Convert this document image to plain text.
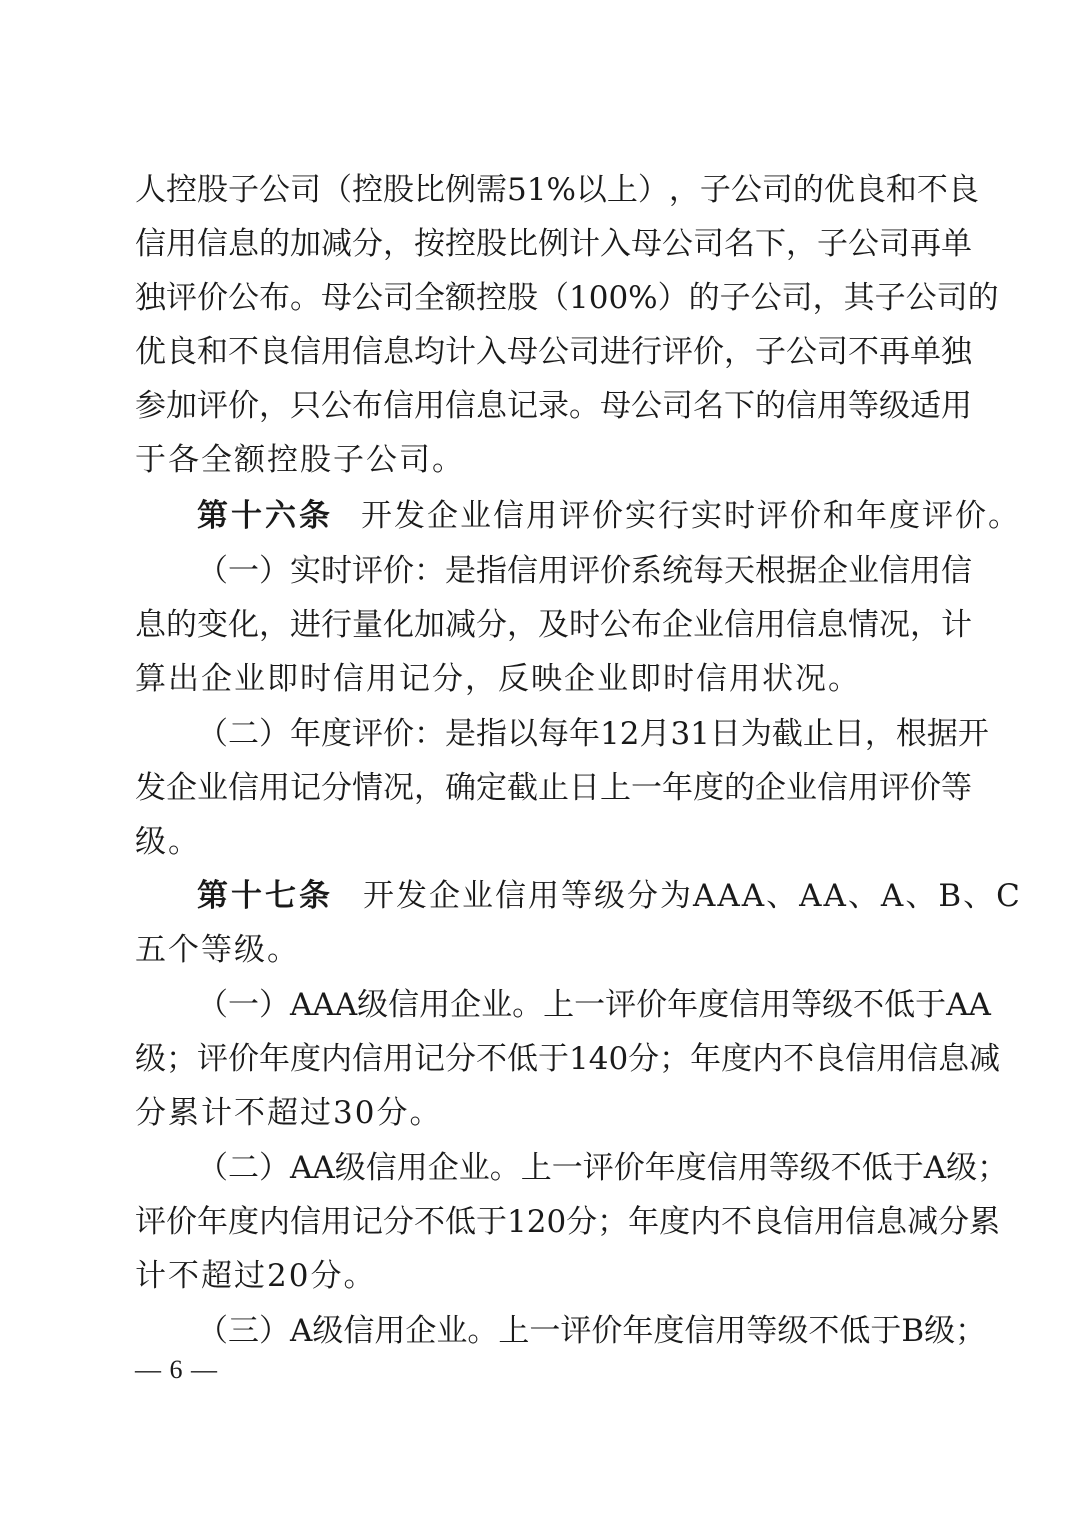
人 控 股 子 公 司 （ 控 股 比 例 需 51% 以 上 ） ， 子 公 司 的 优 良 和 不 良
信 用 信 息 的 加 减 分 ， 按 控 股 比 例 计 入 母 公 司 名 下 ， 子 公 司 再 单
独 评 价 公 布 。 母 公 司 全 额 控 股 （ 100% ） 的 子 公 司 ， 其 子 公 司 的
优 良 和 不 良 信 用 信 息 均 计 入 母 公 司 进 行 评 价 ， 子 公 司 不 再 单 独
参 加 评 价 ， 只 公 布 信 用 信 息 记 录 。 母 公 司 名 下 的 信 用 等 级 适 用
于各全额控股子公司。
第十六条 开发企业信用评价实行实时评价和年度评价。
（ 一 ） 实 时 评 价 ： 是 指 信 用 评 价 系 统 每 天 根 据 企 业 信 用 信
息 的 变 化 ， 进 行 量 化 加 减 分 ， 及 时 公 布 企 业 信 用 信 息 情 况 ， 计
算出企业即时信用记分，反映企业即时信用状况。
（ 二 ） 年 度 评 价 ： 是 指 以 每 年 12 月 31 日 为 截 止 日 ， 根 据 开
发 企 业 信 用 记 分 情 况 ， 确 定 截 止 日 上 一 年 度 的 企 业 信 用 评 价 等
级。
第十七条 开发企业信用等级分为AAA、AA、A、B、C
五个等级。
（ 一 ） AAA 级 信 用 企 业 。 上 一 评 价 年 度 信 用 等 级 不 低 于 AA
级 ； 评 价 年 度 内 信 用 记 分 不 低 于 140 分 ； 年 度 内 不 良 信 用 信 息 减
分累计不超过30分。
（ 二 ） AA 级 信 用 企 业 。 上 一 评 价 年 度 信 用 等 级 不 低 于 A 级 ；
评 价 年 度 内 信 用 记 分 不 低 于 120 分 ； 年 度 内 不 良 信 用 信 息 减 分 累
计不超过20分。
（ 三 ） A 级 信 用 企 业 。 上 一 评 价 年 度 信 用 等 级 不 低 于 B 级 ；
— 6 —
